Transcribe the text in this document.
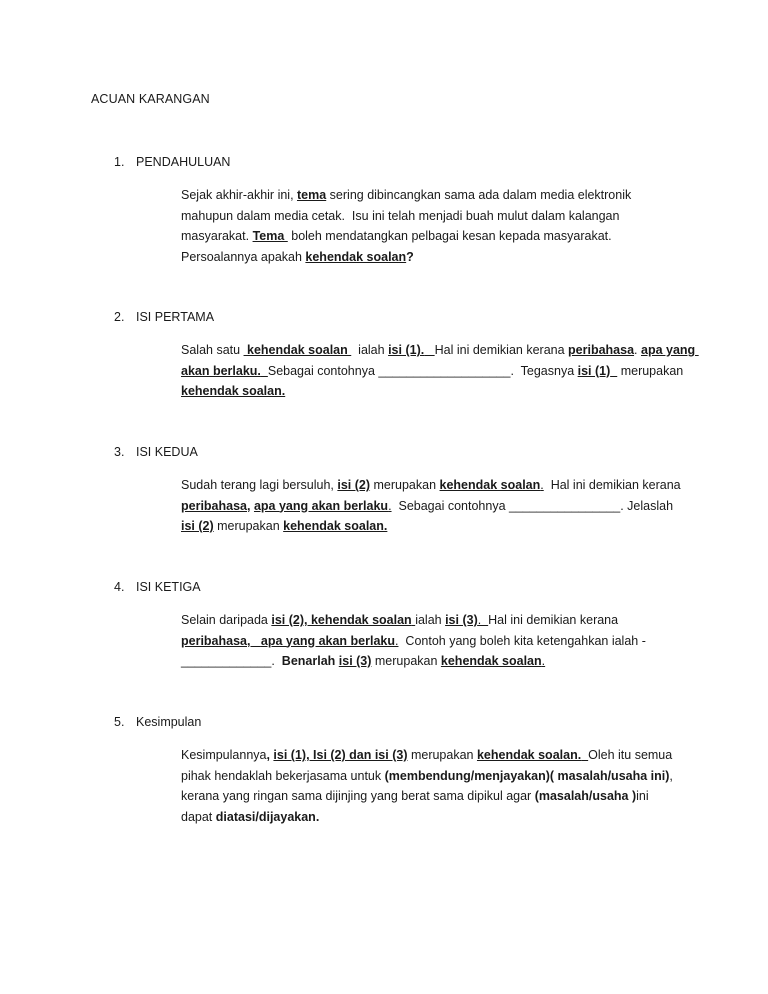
ACUAN KARANGAN
1. PENDAHULUAN
Sejak akhir-akhir ini, tema sering dibincangkan sama ada dalam media elektronik
mahupun dalam media cetak.  Isu ini telah menjadi buah mulut dalam kalangan
masyarakat. Tema  boleh mendatangkan pelbagai kesan kepada masyarakat.
Persoalannya apakah kehendak soalan?
2. ISI PERTAMA
Salah satu  kehendak soalan   ialah isi (1). Hal ini demikian kerana peribahasa. apa yang
akan berlaku. Sebagai contohnya ___________________.  Tegasnya isi (1)   merupakan
kehendak soalan.
3. ISI KEDUA
Sudah terang lagi bersuluh, isi (2) merupakan kehendak soalan.  Hal ini demikian kerana
peribahasa, apa yang akan berlaku.  Sebagai contohnya ________________. Jelaslah
isi (2) merupakan kehendak soalan.
4. ISI KETIGA
Selain daripada isi (2), kehendak soalan ialah isi (3).  Hal ini demikian kerana
peribahasa, apa yang akan berlaku.  Contoh yang boleh kita ketengahkan ialah -
_____________.  Benarlah isi (3) merupakan kehendak soalan.
5. Kesimpulan
Kesimpulannya, isi (1), Isi (2) dan isi (3) merupakan kehendak soalan. Oleh itu semua
pihak hendaklah bekerjasama untuk (membendung/menjayakan)( masalah/usaha ini),
kerana yang ringan sama dijinjing yang berat sama dipikul agar (masalah/usaha )ini
dapat diatasi/dijayakan.
